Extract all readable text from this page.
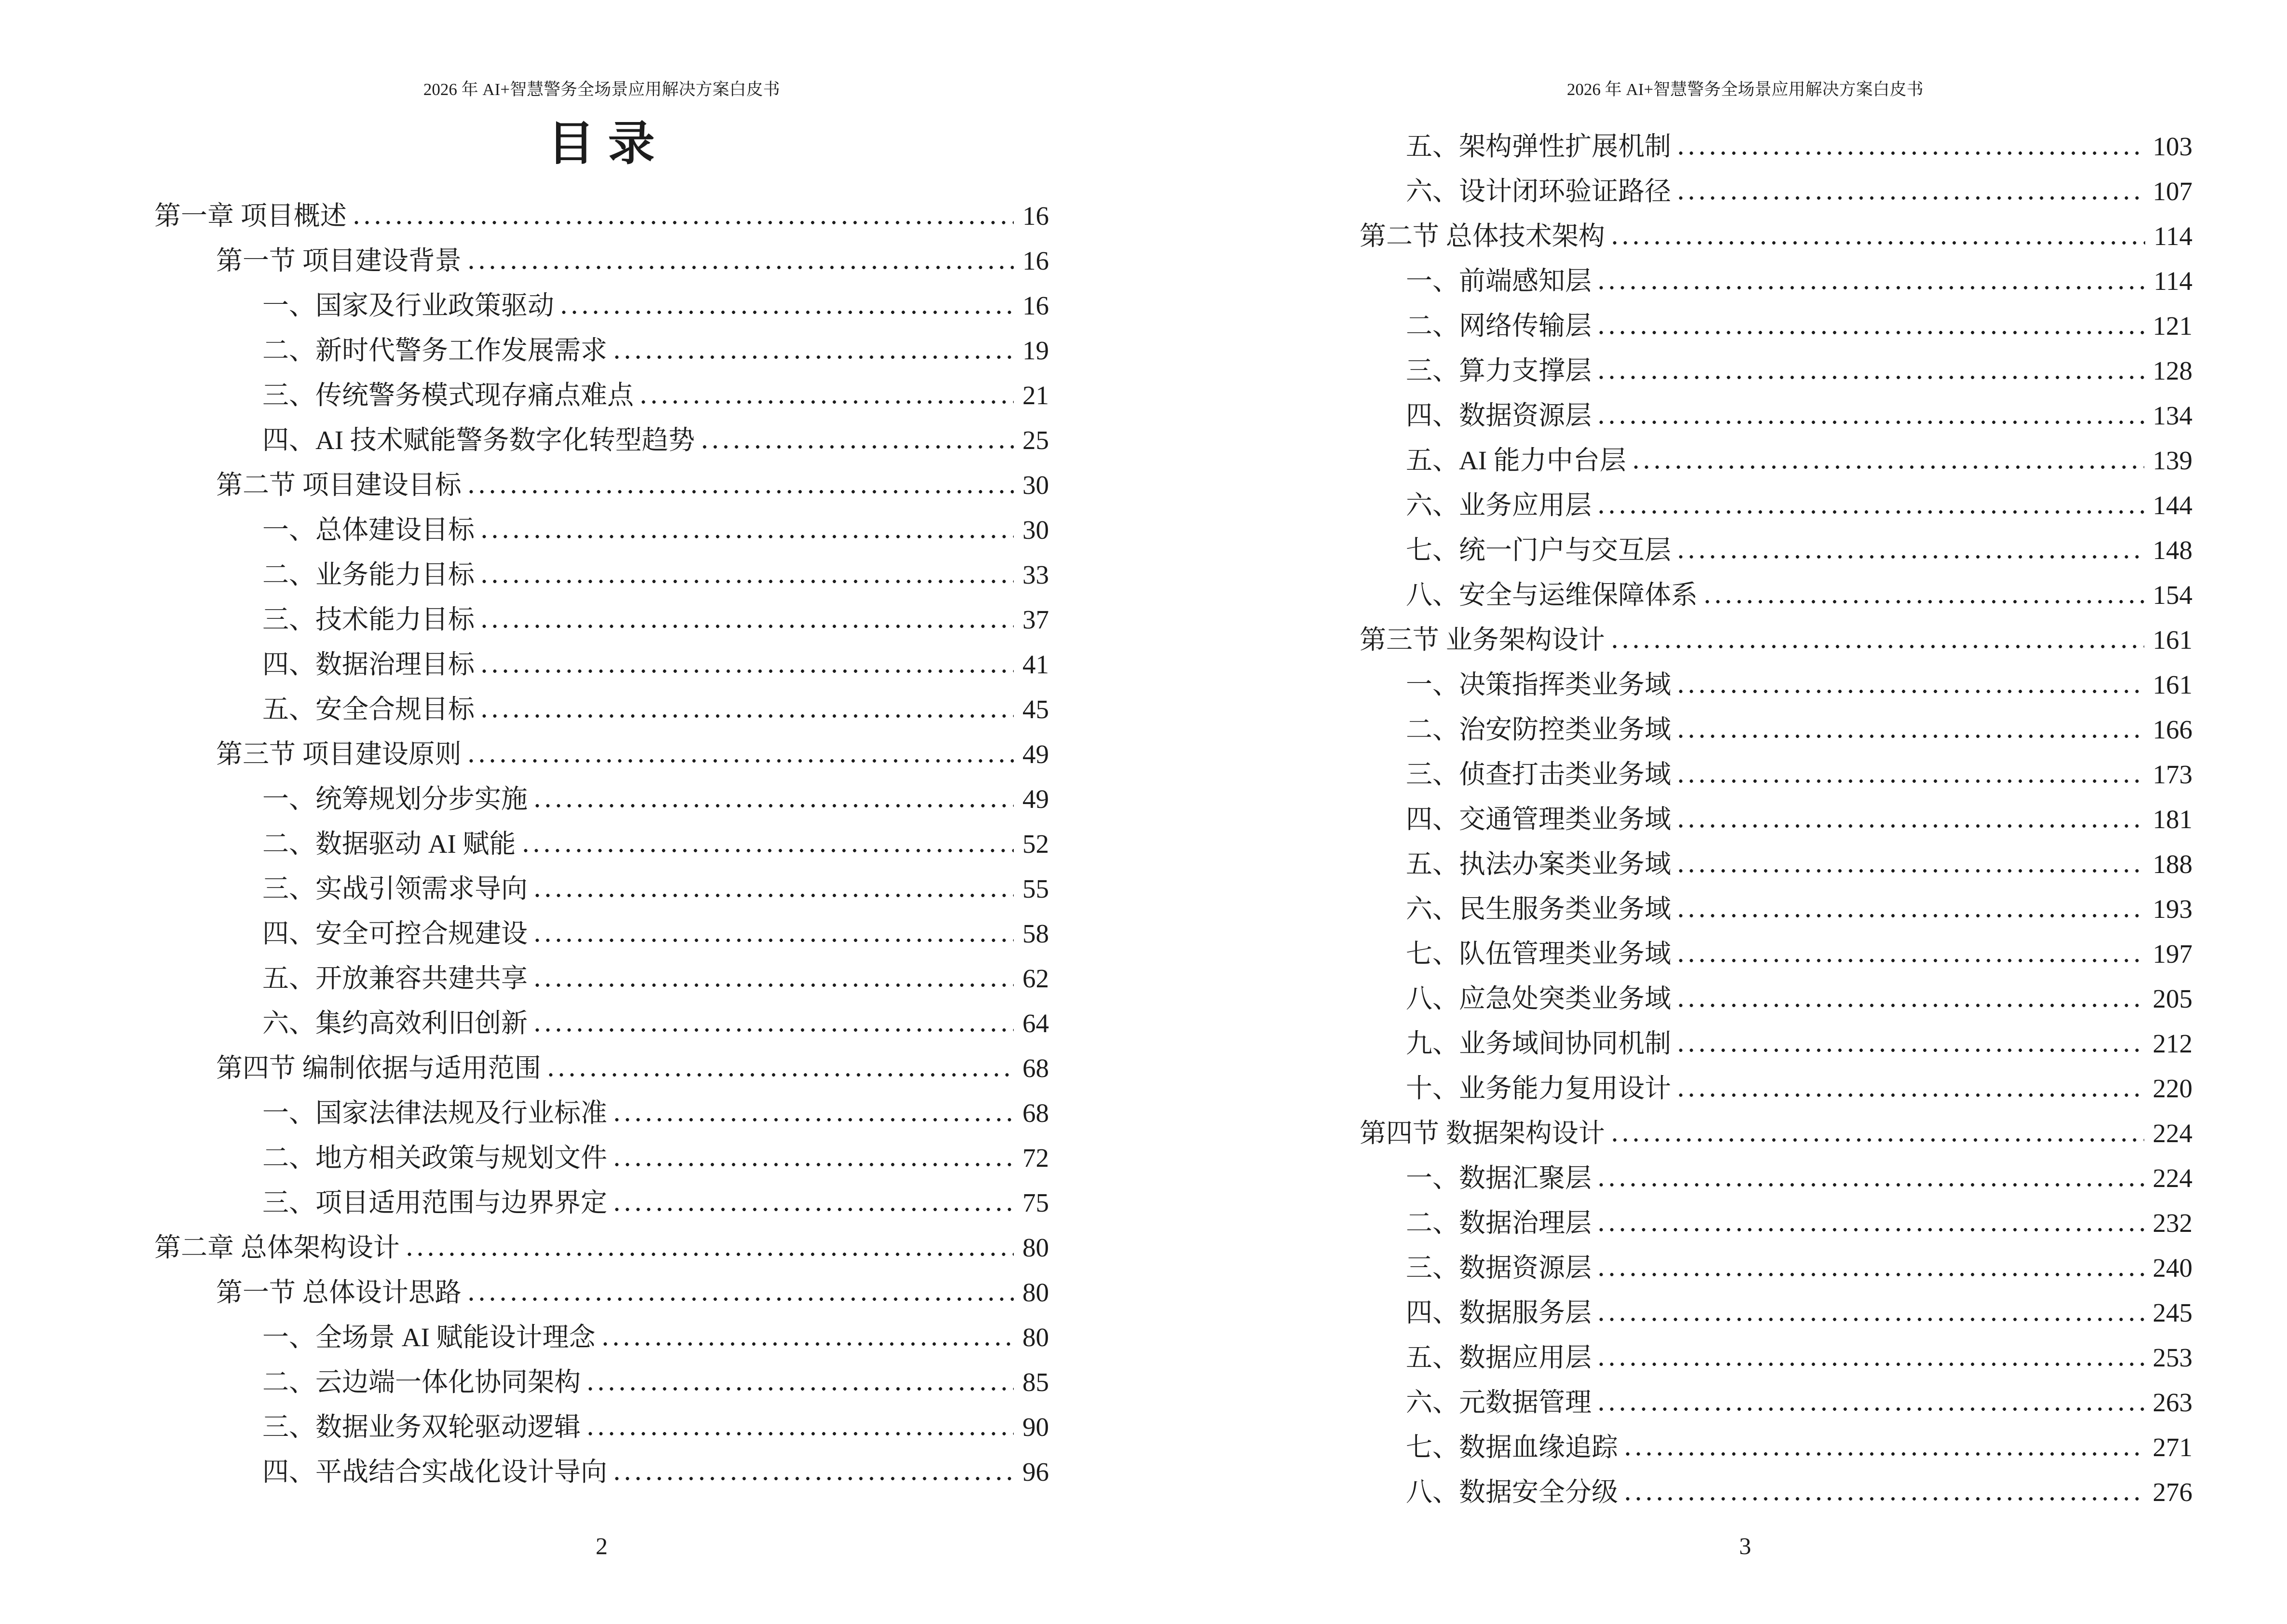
2026 年 AI+智慧警务全场景应用解决方案白皮书
目 录
第一章 项目概述	16
第一节 项目建设背景	16
一、国家及行业政策驱动	16
二、新时代警务工作发展需求	19
三、传统警务模式现存痛点难点	21
四、AI 技术赋能警务数字化转型趋势	25
第二节 项目建设目标	30
一、总体建设目标	30
二、业务能力目标	33
三、技术能力目标	37
四、数据治理目标	41
五、安全合规目标	45
第三节 项目建设原则	49
一、统筹规划分步实施	49
二、数据驱动 AI 赋能	52
三、实战引领需求导向	55
四、安全可控合规建设	58
五、开放兼容共建共享	62
六、集约高效利旧创新	64
第四节 编制依据与适用范围	68
一、国家法律法规及行业标准	68
二、地方相关政策与规划文件	72
三、项目适用范围与边界界定	75
第二章 总体架构设计	80
第一节 总体设计思路	80
一、全场景 AI 赋能设计理念	80
二、云边端一体化协同架构	85
三、数据业务双轮驱动逻辑	90
四、平战结合实战化设计导向	96
2
2026 年 AI+智慧警务全场景应用解决方案白皮书
五、架构弹性扩展机制	103
六、设计闭环验证路径	107
第二节 总体技术架构	114
一、前端感知层	114
二、网络传输层	121
三、算力支撑层	128
四、数据资源层	134
五、AI 能力中台层	139
六、业务应用层	144
七、统一门户与交互层	148
八、安全与运维保障体系	154
第三节 业务架构设计	161
一、决策指挥类业务域	161
二、治安防控类业务域	166
三、侦查打击类业务域	173
四、交通管理类业务域	181
五、执法办案类业务域	188
六、民生服务类业务域	193
七、队伍管理类业务域	197
八、应急处突类业务域	205
九、业务域间协同机制	212
十、业务能力复用设计	220
第四节 数据架构设计	224
一、数据汇聚层	224
二、数据治理层	232
三、数据资源层	240
四、数据服务层	245
五、数据应用层	253
六、元数据管理	263
七、数据血缘追踪	271
八、数据安全分级	276
3
